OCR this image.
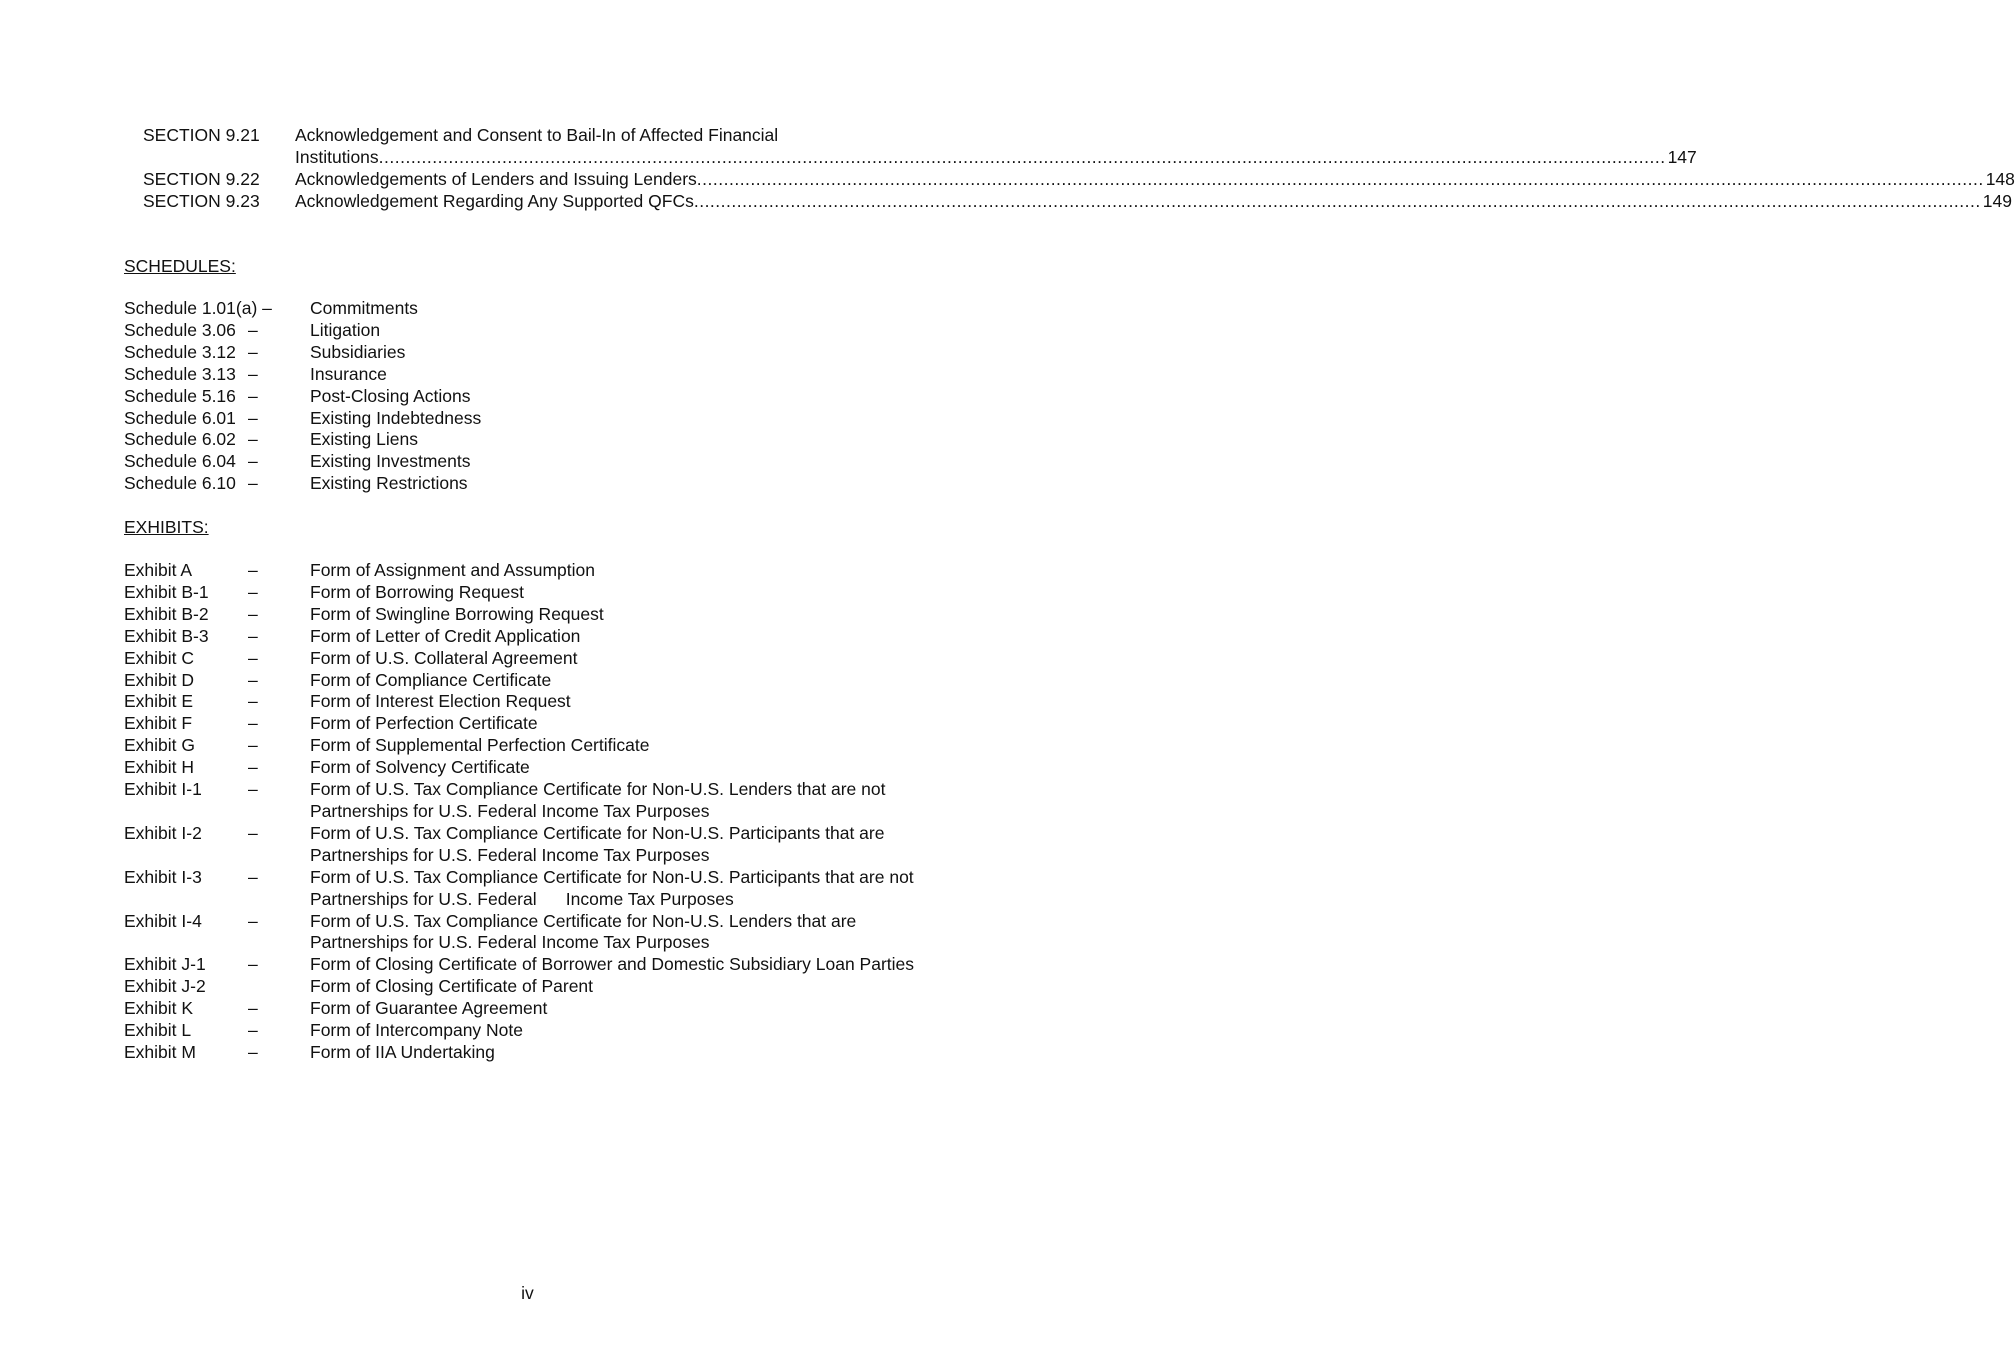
SECTION 9.21	Acknowledgement and Consent to Bail-In of Affected Financial
Institutions .....	147
SECTION 9.22	Acknowledgements of Lenders and Issuing Lenders .....	148
SECTION 9.23	Acknowledgement Regarding Any Supported QFCs .....	149
SCHEDULES:
Schedule 1.01(a) – Commitments
Schedule 3.06 –	Litigation
Schedule 3.12 –	Subsidiaries
Schedule 3.13 –	Insurance
Schedule 5.16 –	Post-Closing Actions
Schedule 6.01 –	Existing Indebtedness
Schedule 6.02 –	Existing Liens
Schedule 6.04 –	Existing Investments
Schedule 6.10 –	Existing Restrictions
EXHIBITS:
Exhibit A	–	Form of Assignment and Assumption
Exhibit B-1	–	Form of Borrowing Request
Exhibit B-2	–	Form of Swingline Borrowing Request
Exhibit B-3	–	Form of Letter of Credit Application
Exhibit C	–	Form of U.S. Collateral Agreement
Exhibit D	–	Form of Compliance Certificate
Exhibit E	–	Form of Interest Election Request
Exhibit F	–	Form of Perfection Certificate
Exhibit G	–	Form of Supplemental Perfection Certificate
Exhibit H	–	Form of Solvency Certificate
Exhibit I-1	–	Form of U.S. Tax Compliance Certificate for Non-U.S. Lenders that are not
Partnerships for U.S. Federal Income Tax Purposes
Exhibit I-2	–	Form of U.S. Tax Compliance Certificate for Non-U.S. Participants that are
Partnerships for U.S. Federal Income Tax Purposes
Exhibit I-3	–	Form of U.S. Tax Compliance Certificate for Non-U.S. Participants that are not
Partnerships for U.S. Federal      Income Tax Purposes
Exhibit I-4	–	Form of U.S. Tax Compliance Certificate for Non-U.S. Lenders that are
Partnerships for U.S. Federal Income Tax Purposes
Exhibit J-1	–	Form of Closing Certificate of Borrower and Domestic Subsidiary Loan Parties
Exhibit J-2	Form of Closing Certificate of Parent
Exhibit K	–	Form of Guarantee Agreement
Exhibit L	–	Form of Intercompany Note
Exhibit M	–	Form of IIA Undertaking
iv
